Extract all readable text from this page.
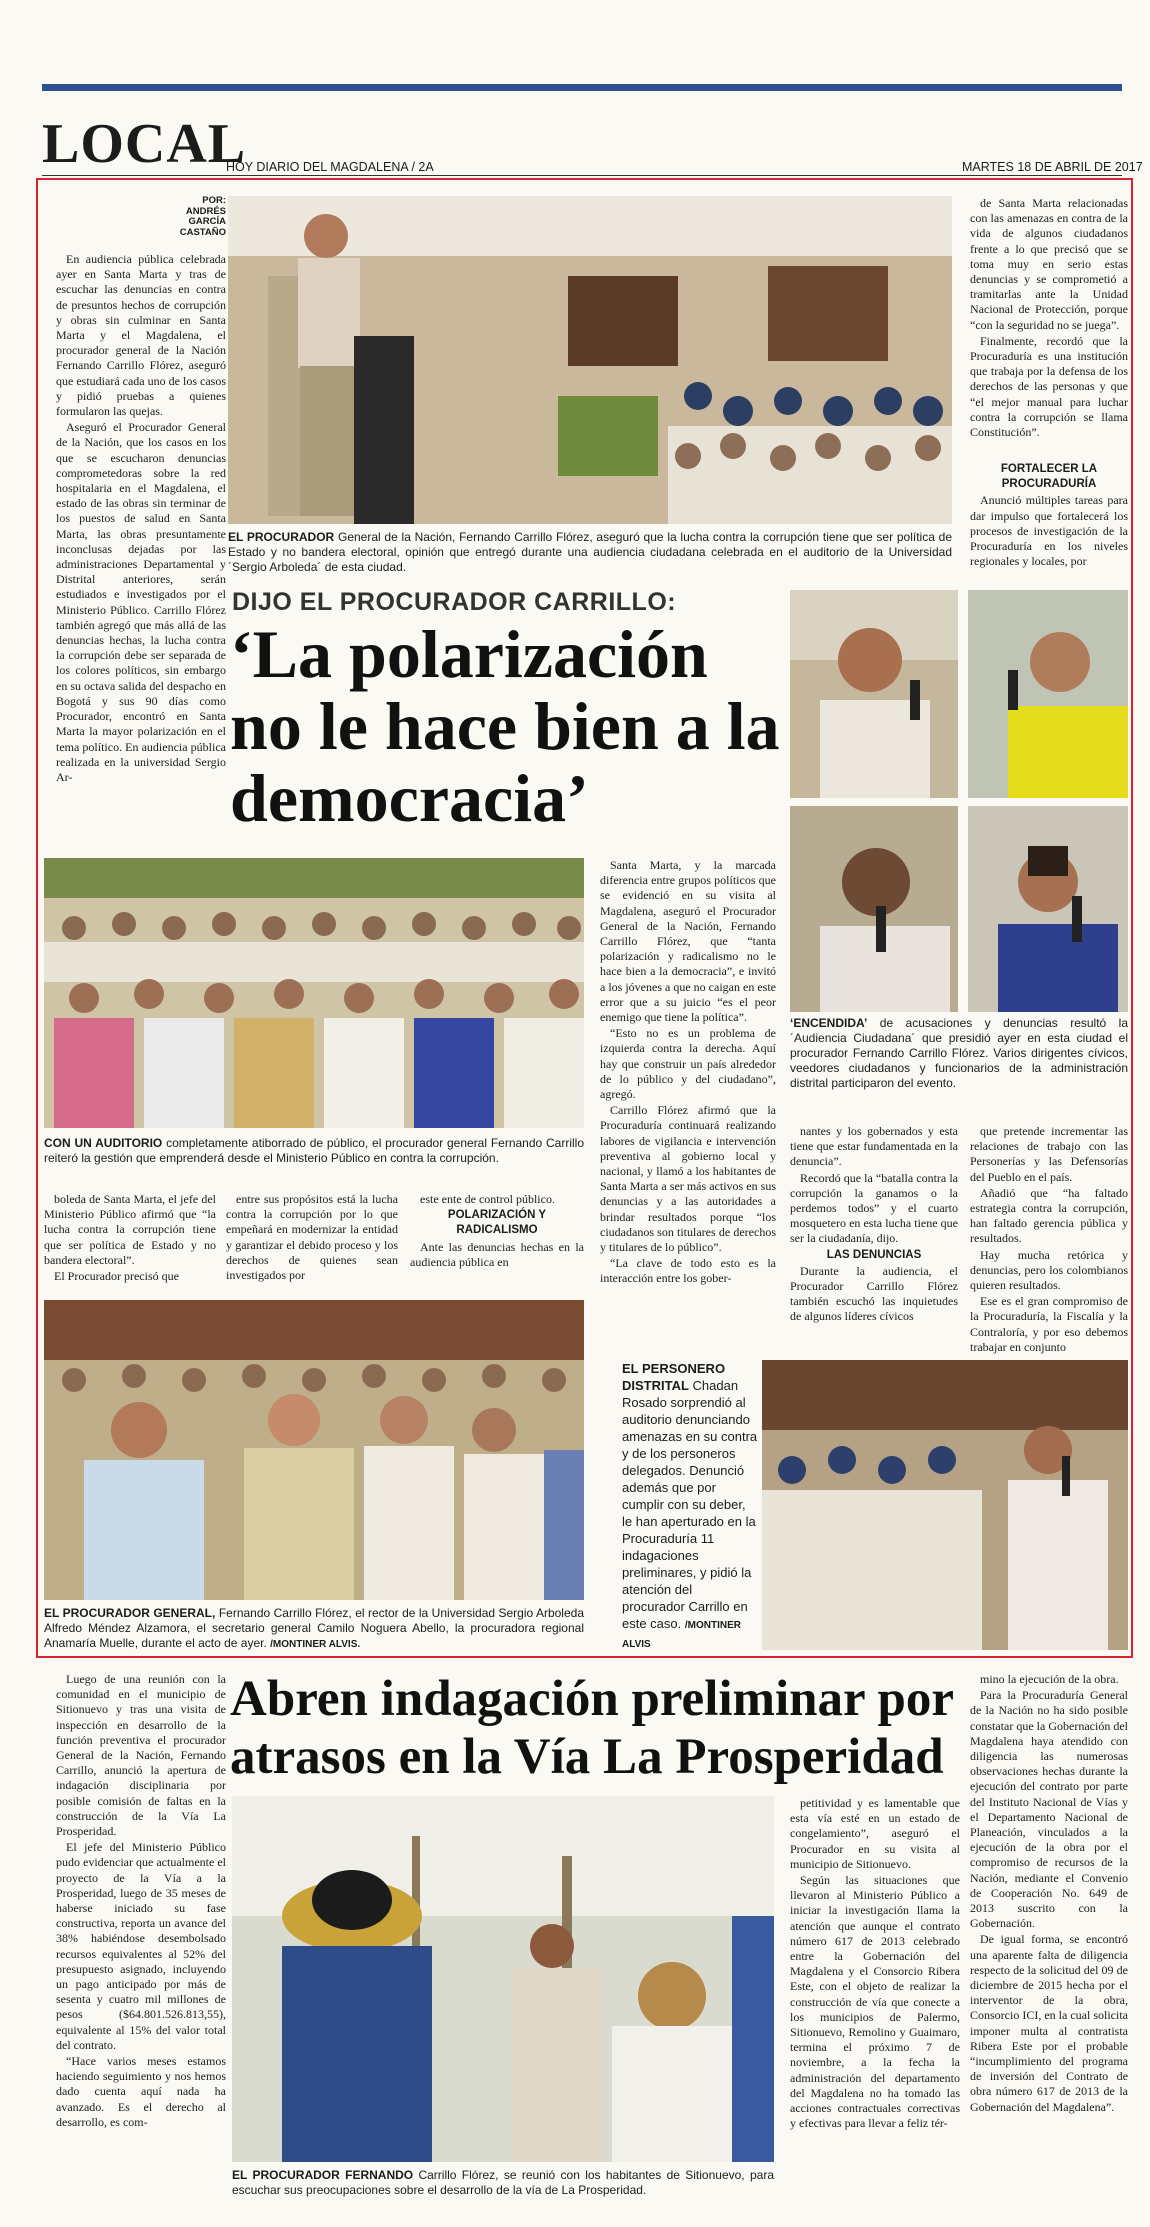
LOCAL
HOY DIARIO DEL MAGDALENA / 2A	MARTES 18 DE ABRIL DE 2017
POR:
ANDRÉS
GARCÍA
CASTAÑO

En audiencia pública celebrada ayer en Santa Marta y tras de escuchar las denuncias en contra de presuntos hechos de corrupción y obras sin culminar en Santa Marta y el Magdalena, el procurador general de la Nación Fernando Carrillo Flórez, aseguró que estudiará cada uno de los casos y pidió pruebas a quienes formularon las quejas.

Aseguró el Procurador General de la Nación, que los casos en los que se escucharon denuncias comprometedoras sobre la red hospitalaria en el Magdalena, el estado de las obras sin terminar de los puestos de salud en Santa Marta, las obras presuntamente inconclusas dejadas por las administraciones Departamental y Distrital anteriores, serán estudiados e investigados por el Ministerio Público. Carrillo Flórez también agregó que más allá de las denuncias hechas, la lucha contra la corrupción debe ser separada de los colores políticos, sin embargo en su octava salida del despacho en Bogotá y sus 90 días como Procurador, encontró en Santa Marta la mayor polarización en el tema político. En audiencia pública realizada en la universidad Sergio Ar-

EL PROCURADOR General de la Nación, Fernando Carrillo Flórez, aseguró que la lucha contra la corrupción tiene que ser política de Estado y no bandera electoral, opinión que entregó durante una audiencia ciudadana celebrada en el auditorio de la Universidad ´Sergio Arboleda´ de esta ciudad.

de Santa Marta relacionadas con las amenazas en contra de la vida de algunos ciudadanos frente a lo que precisó que se toma muy en serio estas denuncias y se comprometió a tramitarlas ante la Unidad Nacional de Protección, porque “con la seguridad no se juega”.

Finalmente, recordó que la Procuraduría es una institución que trabaja por la defensa de los derechos de las personas y que “el mejor manual para luchar contra la corrupción se llama Constitución”.

FORTALECER LA PROCURADURÍA

Anunció múltiples tareas para dar impulso que fortalecerá los procesos de investigación de la Procuraduría en los niveles regionales y locales, por

DIJO EL PROCURADOR CARRILLO:
‘La polarización no le hace bien a la democracia’
‘ENCENDIDA’ de acusaciones y denuncias resultó la ´Audiencia Ciudadana´ que presidió ayer en esta ciudad el procurador Fernando Carrillo Flórez. Varios dirigentes cívicos, veedores ciudadanos y funcionarios de la administración distrital participaron del evento.
CON UN AUDITORIO completamente atiborrado de público, el procurador general Fernando Carrillo reiteró la gestión que emprenderá desde el Ministerio Público en contra la corrupción.

boleda de Santa Marta, el jefe del Ministerio Público afirmó que “la lucha contra la corrupción tiene que ser política de Estado y no bandera electoral”.

El Procurador precisó que

entre sus propósitos está la lucha contra la corrupción por lo que empeñará en modernizar la entidad y garantizar el debido proceso y los derechos de quienes sean investigados por

este ente de control público.

POLARIZACIÓN Y RADICALISMO

Ante las denuncias hechas en la audiencia pública en

Santa Marta, y la marcada diferencia entre grupos políticos que se evidenció en su visita al Magdalena, aseguró el Procurador General de la Nación, Fernando Carrillo Flórez, que “tanta polarización y radicalismo no le hace bien a la democracia”, e invitó a los jóvenes a que no caigan en este error que a su juicio “es el peor enemigo que tiene la política”.

“Esto no es un problema de izquierda contra la derecha. Aquí hay que construir un país alrededor de lo público y del ciudadano”, agregó.

Carrillo Flórez afirmó que la Procuraduría continuará realizando labores de vigilancia e intervención preventiva al gobierno local y nacional, y llamó a los habitantes de Santa Marta a ser más activos en sus denuncias y a las autoridades a brindar resultados porque “los ciudadanos son titulares de derechos y titulares de lo público”.

“La clave de todo esto es la interacción entre los gober-

nantes y los gobernados y esta tiene que estar fundamentada en la denuncia”.

Recordó que la “batalla contra la corrupción la ganamos o la perdemos todos” y el cuarto mosquetero en esta lucha tiene que ser la ciudadanía, dijo.

LAS DENUNCIAS

Durante la audiencia, el Procurador Carrillo Flórez también escuchó las inquietudes de algunos líderes cívicos

que pretende incrementar las relaciones de trabajo con las Personerías y las Defensorías del Pueblo en el país.

Añadió que “ha faltado estrategia contra la corrupción, han faltado gerencia pública y resultados.

Hay mucha retórica y denuncias, pero los colombianos quieren resultados.

Ese es el gran compromiso de la Procuraduría, la Fiscalía y la Contraloría, y por eso debemos trabajar en conjunto

EL PROCURADOR GENERAL, Fernando Carrillo Flórez, el rector de la Universidad Sergio Arboleda Alfredo Méndez Alzamora, el secretario general Camilo Noguera Abello, la procuradora regional Anamaría Muelle, durante el acto de ayer. /MONTINER ALVIS.
EL PERSONERO DISTRITAL Chadan Rosado sorprendió al auditorio denunciando amenazas en su contra y de los personeros delegados. Denunció además que por cumplir con su deber, le han aperturado en la Procuraduría 11 indagaciones preliminares, y pidió la atención del procurador Carrillo en este caso. /MONTINER ALVIS
Abren indagación preliminar por atrasos en la Vía La Prosperidad

Luego de una reunión con la comunidad en el municipio de Sitionuevo y tras una visita de inspección en desarrollo de la función preventiva el procurador General de la Nación, Fernando Carrillo, anunció la apertura de indagación disciplinaria por posible comisión de faltas en la construcción de la Vía La Prosperidad.

El jefe del Ministerio Público pudo evidenciar que actualmente el proyecto de la Vía a la Prosperidad, luego de 35 meses de haberse iniciado su fase constructiva, reporta un avance del 38% habiéndose desembolsado recursos equivalentes al 52% del presupuesto asignado, incluyendo un pago anticipado por más de sesenta y cuatro mil millones de pesos ($64.801.526.813,55), equivalente al 15% del valor total del contrato.

“Hace varios meses estamos haciendo seguimiento y nos hemos dado cuenta aquí nada ha avanzado. Es el derecho al desarrollo, es com-

EL PROCURADOR FERNANDO Carrillo Flórez, se reunió con los habitantes de Sitionuevo, para escuchar sus preocupaciones sobre el desarrollo de la vía de La Prosperidad.

petitividad y es lamentable que esta vía esté en un estado de congelamiento”, aseguró el Procurador en su visita al municipio de Sitionuevo.

Según las situaciones que llevaron al Ministerio Público a iniciar la investigación llama la atención que aunque el contrato número 617 de 2013 celebrado entre la Gobernación del Magdalena y el Consorcio Ribera Este, con el objeto de realizar la construcción de vía que conecte a los municipios de Palermo, Sitionuevo, Remolino y Guaimaro, termina el próximo 7 de noviembre, a la fecha la administración del departamento del Magdalena no ha tomado las acciones contractuales correctivas y efectivas para llevar a feliz tér-

mino la ejecución de la obra.

Para la Procuraduría General de la Nación no ha sido posible constatar que la Gobernación del Magdalena haya atendido con diligencia las numerosas observaciones hechas durante la ejecución del contrato por parte del Instituto Nacional de Vías y el Departamento Nacional de Planeación, vinculados a la ejecución de la obra por el compromiso de recursos de la Nación, mediante el Convenio de Cooperación No. 649 de 2013 suscrito con la Gobernación.

De igual forma, se encontró una aparente falta de diligencia respecto de la solicitud del 09 de diciembre de 2015 hecha por el interventor de la obra, Consorcio ICI, en la cual solicita imponer multa al contratista Ribera Este por el probable “incumplimiento del programa de inversión del Contrato de obra número 617 de 2013 de la Gobernación del Magdalena”.
